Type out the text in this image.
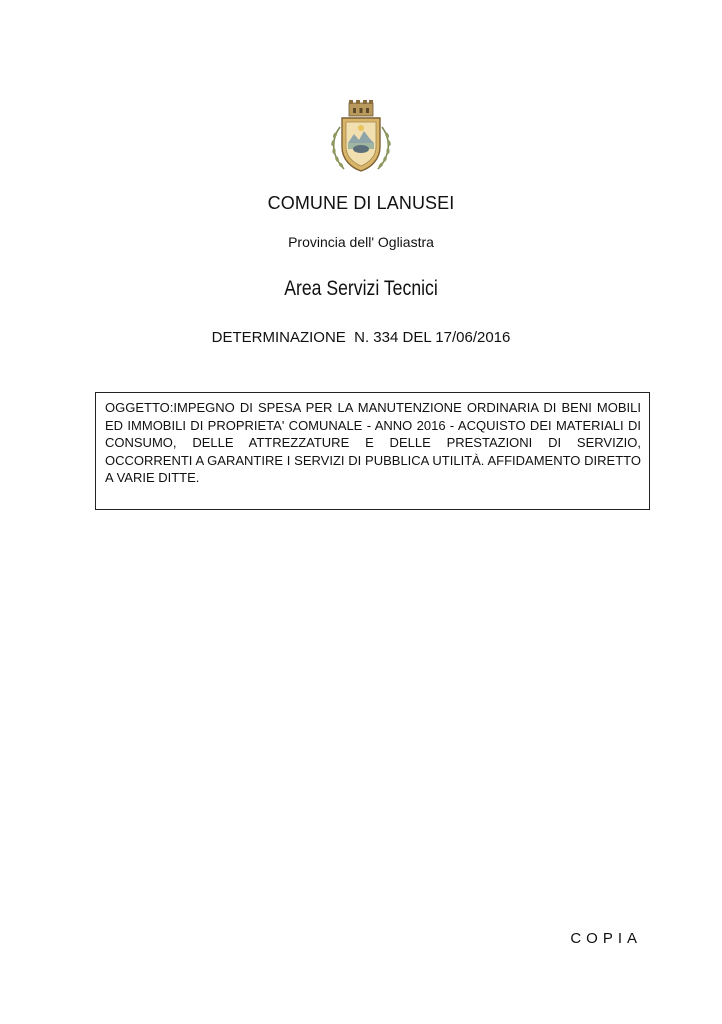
COMUNE DI LANUSEI
Provincia dell' Ogliastra
Area Servizi Tecnici
DETERMINAZIONE  N. 334 DEL 17/06/2016

OGGETTO:IMPEGNO DI SPESA PER LA MANUTENZIONE ORDINARIA DI BENI MOBILI ED IMMOBILI DI PROPRIETA' COMUNALE - ANNO 2016 - ACQUISTO DEI MATERIALI DI CONSUMO, DELLE ATTREZZATURE E DELLE PRESTAZIONI DI SERVIZIO, OCCORRENTI A GARANTIRE I SERVIZI DI PUBBLICA UTILITÀ. AFFIDAMENTO DIRETTO A VARIE DITTE.

COPIA
